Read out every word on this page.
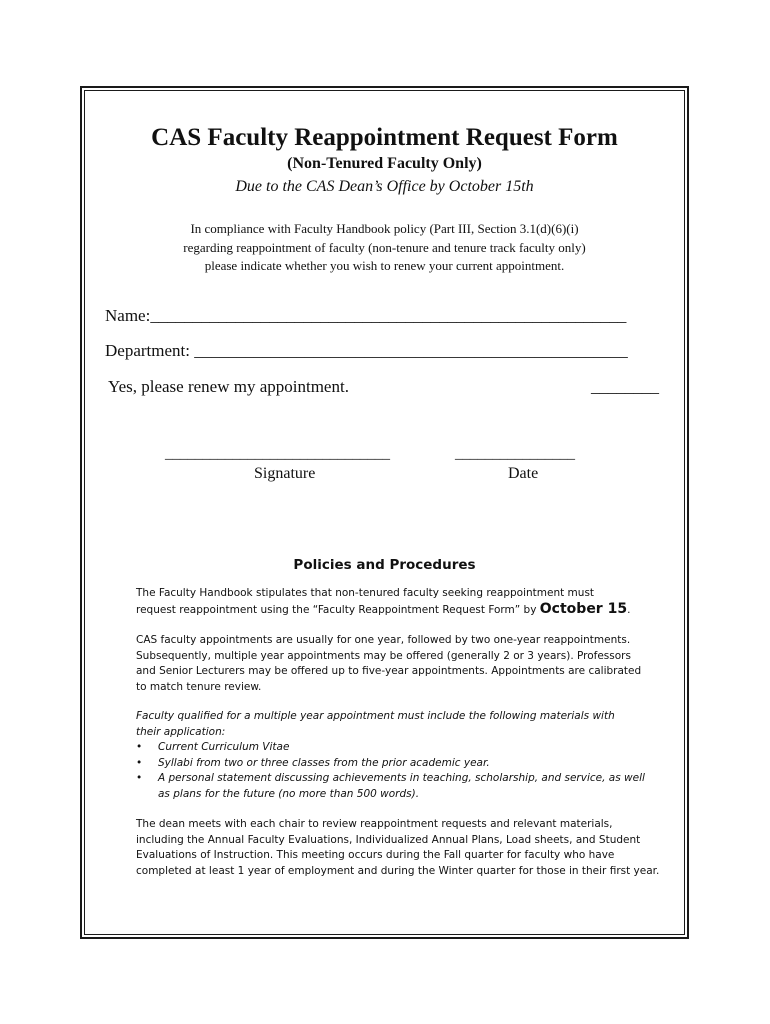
CAS Faculty Reappointment Request Form
(Non-Tenured Faculty Only)
Due to the CAS Dean’s Office by October 15th
In compliance with Faculty Handbook policy (Part III, Section 3.1(d)(6)(i)
regarding reappointment of faculty (non-tenure and tenure track faculty only)
please indicate whether you wish to renew your current appointment.
Name:________________________________________________________
Department: ___________________________________________________
Yes, please renew my appointment.	________
______________________________	________________
Signature	Date
Policies and Procedures
The Faculty Handbook stipulates that non-tenured faculty seeking reappointment must
request reappointment using the “Faculty Reappointment Request Form” by October 15.
CAS faculty appointments are usually for one year, followed by two one-year reappointments.
Subsequently, multiple year appointments may be offered (generally 2 or 3 years). Professors
and Senior Lecturers may be offered up to five-year appointments. Appointments are calibrated
to match tenure review.
Faculty qualified for a multiple year appointment must include the following materials with
their application:
• Current Curriculum Vitae
• Syllabi from two or three classes from the prior academic year.
• A personal statement discussing achievements in teaching, scholarship, and service, as well
as plans for the future (no more than 500 words).
The dean meets with each chair to review reappointment requests and relevant materials,
including the Annual Faculty Evaluations, Individualized Annual Plans, Load sheets, and Student
Evaluations of Instruction. This meeting occurs during the Fall quarter for faculty who have
completed at least 1 year of employment and during the Winter quarter for those in their first year.
